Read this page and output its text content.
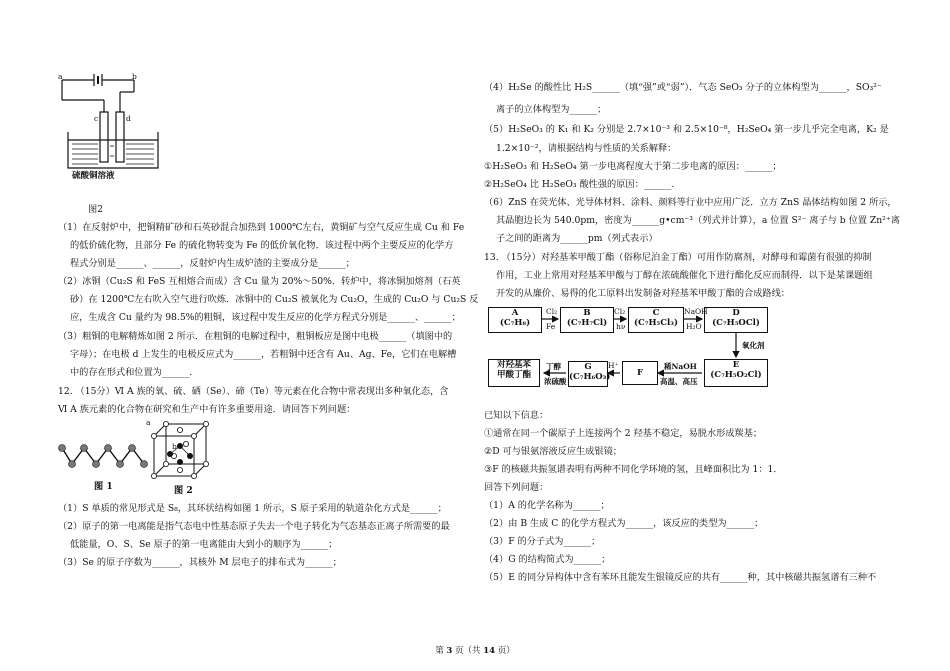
a	b
c	d
硫酸铜溶液
图2
（1）在反射炉中，把铜精矿砂和石英砂混合加热到 1000℃左右，黄铜矿与空气反应生成 Cu 和 Fe
的低价硫化物，且部分 Fe 的硫化物转变为 Fe 的低价氧化物．该过程中两个主要反应的化学方
程式分别是______、______，反射炉内生成炉渣的主要成分是______；
（2）冰铜（Cu₂S 和 FeS 互相熔合而成）含 Cu 量为 20%～50%．转炉中，将冰铜加熔剂（石英
砂）在 1200℃左右吹入空气进行吹炼．冰铜中的 Cu₂S 被氧化为 Cu₂O，生成的 Cu₂O 与 Cu₂S 反
应，生成含 Cu 量约为 98.5%的粗铜，该过程中发生反应的化学方程式分别是______、______；
（3）粗铜的电解精炼如图 2 所示．在粗铜的电解过程中，粗铜板应是图中电极______（填图中的
字母）；在电极 d 上发生的电极反应式为______，若粗铜中还含有 Au、Ag、Fe，它们在电解槽
中的存在形式和位置为______．
12. （15分）Ⅵ A 族的氧、硫、硒（Se）、碲（Te）等元素在化合物中常表现出多种氧化态，含
Ⅵ A 族元素的化合物在研究和生产中有许多重要用途．请回答下列问题：
图 1
a
b
图 2
（1）S 单质的常见形式是 S₈，其环状结构如图 1 所示，S 原子采用的轨道杂化方式是______；
（2）原子的第一电离能是指气态电中性基态原子失去一个电子转化为气态基态正离子所需要的最
低能量，O、S、Se 原子的第一电离能由大到小的顺序为______；
（3）Se 的原子序数为______，其核外 M 层电子的排布式为______；
（4）H₂Se 的酸性比 H₂S______（填“强”或“弱”）．气态 SeO₃ 分子的立体构型为______，SO₃²⁻
离子的立体构型为______；
（5）H₂SeO₃ 的 K₁ 和 K₂ 分别是 2.7×10⁻³ 和 2.5×10⁻⁸，H₂SeO₄ 第一步几乎完全电离，K₂ 是
1.2×10⁻²，请根据结构与性质的关系解释：
①H₂SeO₃ 和 H₂SeO₄ 第一步电离程度大于第二步电离的原因：______；
②H₂SeO₄ 比 H₂SeO₃ 酸性强的原因：______.
（6）ZnS 在荧光体、光导体材料、涂料、颜料等行业中应用广泛．立方 ZnS 晶体结构如图 2 所示，
其晶胞边长为 540.0pm，密度为______g•cm⁻³（列式并计算），a 位置 S²⁻ 离子与 b 位置 Zn²⁺离
子之间的距离为______pm（列式表示）
13. （15分）对羟基苯甲酸丁酯（俗称尼泊金丁酯）可用作防腐剂，对酵母和霉菌有很强的抑制
作用，工业上常用对羟基苯甲酸与丁醇在浓硫酸催化下进行酯化反应而制得．以下是某课题组
开发的从廉价、易得的化工原料出发制备对羟基苯甲酸丁酯的合成路线：
A
(C₇H₈)
B
(C₇H₇Cl)
C
(C₇H₅Cl₃)
D
(C₇H₅OCl)
Cl₂
Fe
Cl₂
hν
NaOH
H₂O
氧化剂
E
(C₇H₅O₂Cl)
稀NaOH
高温、高压
F
H⁺
G
(C₇H₆O₃)
丁醇
浓硫酸
对羟基苯
甲酸丁酯
已知以下信息：
①通常在同一个碳原子上连接两个 2 羟基不稳定，易脱水形成羰基；
②D 可与银氨溶液反应生成银镜；
③F 的核磁共振氢谱表明有两种不同化学环境的氢，且峰面积比为 1：1．
回答下列问题：
（1）A 的化学名称为______；
（2）由 B 生成 C 的化学方程式为______，该反应的类型为______；
（3）F 的分子式为______；
（4）G 的结构简式为______；
（5）E 的同分异构体中含有苯环且能发生银镜反应的共有______种，其中核磁共振氢谱有三种不
第 3 页（共 14 页）
